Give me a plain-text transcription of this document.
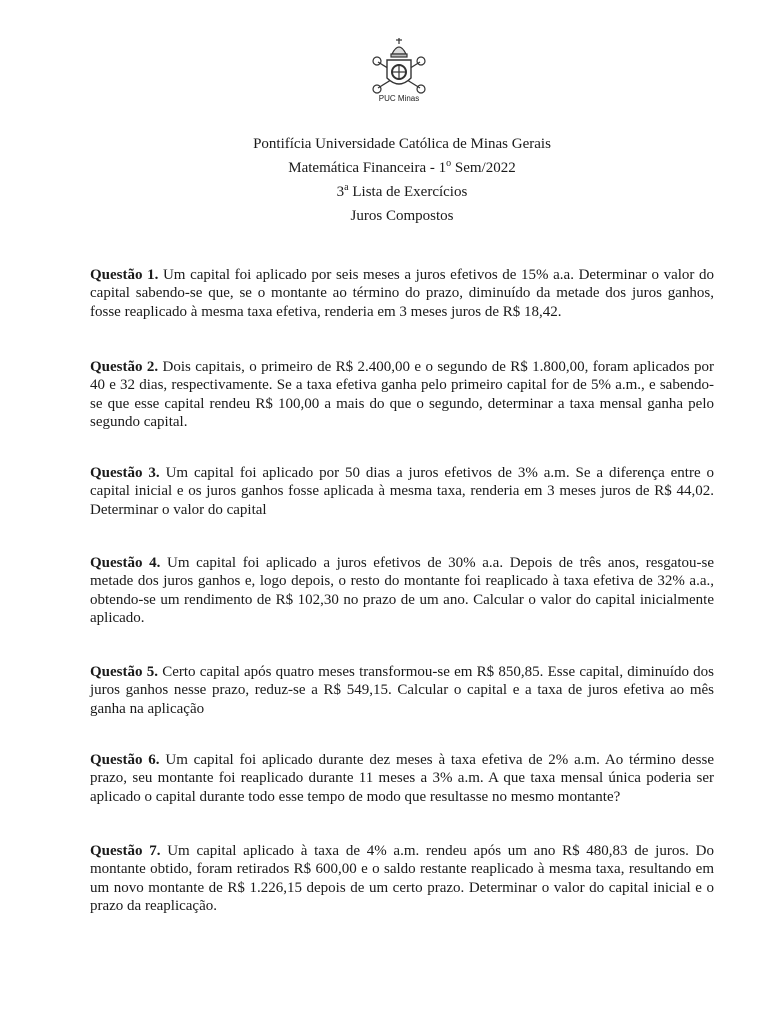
PUC Minas
Pontifícia Universidade Católica de Minas Gerais
Matemática Financeira - 1$^o$ Sem/2022
3$^a$ Lista de Exercícios
Juros Compostos
Questão 1. Um capital foi aplicado por seis meses a juros efetivos de 15% a.a. Determinar o valor do capital sabendo-se que, se o montante ao término do prazo, diminuído da metade dos juros ganhos, fosse reaplicado à mesma taxa efetiva, renderia em 3 meses juros de R$ 18,42.
Questão 2. Dois capitais, o primeiro de R$ 2.400,00 e o segundo de R$ 1.800,00, foram aplicados por 40 e 32 dias, respectivamente. Se a taxa efetiva ganha pelo primeiro capital for de 5% a.m., e sabendo-se que esse capital rendeu R$ 100,00 a mais do que o segundo, determinar a taxa mensal ganha pelo segundo capital.
Questão 3. Um capital foi aplicado por 50 dias a juros efetivos de 3% a.m. Se a diferença entre o capital inicial e os juros ganhos fosse aplicada à mesma taxa, renderia em 3 meses juros de R$ 44,02. Determinar o valor do capital
Questão 4. Um capital foi aplicado a juros efetivos de 30% a.a. Depois de três anos, resgatou-se metade dos juros ganhos e, logo depois, o resto do montante foi reaplicado à taxa efetiva de 32% a.a., obtendo-se um rendimento de R$ 102,30 no prazo de um ano. Calcular o valor do capital inicialmente aplicado.
Questão 5. Certo capital após quatro meses transformou-se em R$ 850,85. Esse capital, diminuído dos juros ganhos nesse prazo, reduz-se a R$ 549,15. Calcular o capital e a taxa de juros efetiva ao mês ganha na aplicação
Questão 6. Um capital foi aplicado durante dez meses à taxa efetiva de 2% a.m. Ao término desse prazo, seu montante foi reaplicado durante 11 meses a 3% a.m. A que taxa mensal única poderia ser aplicado o capital durante todo esse tempo de modo que resultasse no mesmo montante?
Questão 7. Um capital aplicado à taxa de 4% a.m. rendeu após um ano R$ 480,83 de juros. Do montante obtido, foram retirados R$ 600,00 e o saldo restante reaplicado à mesma taxa, resultando em um novo montante de R$ 1.226,15 depois de um certo prazo. Determinar o valor do capital inicial e o prazo da reaplicação.
